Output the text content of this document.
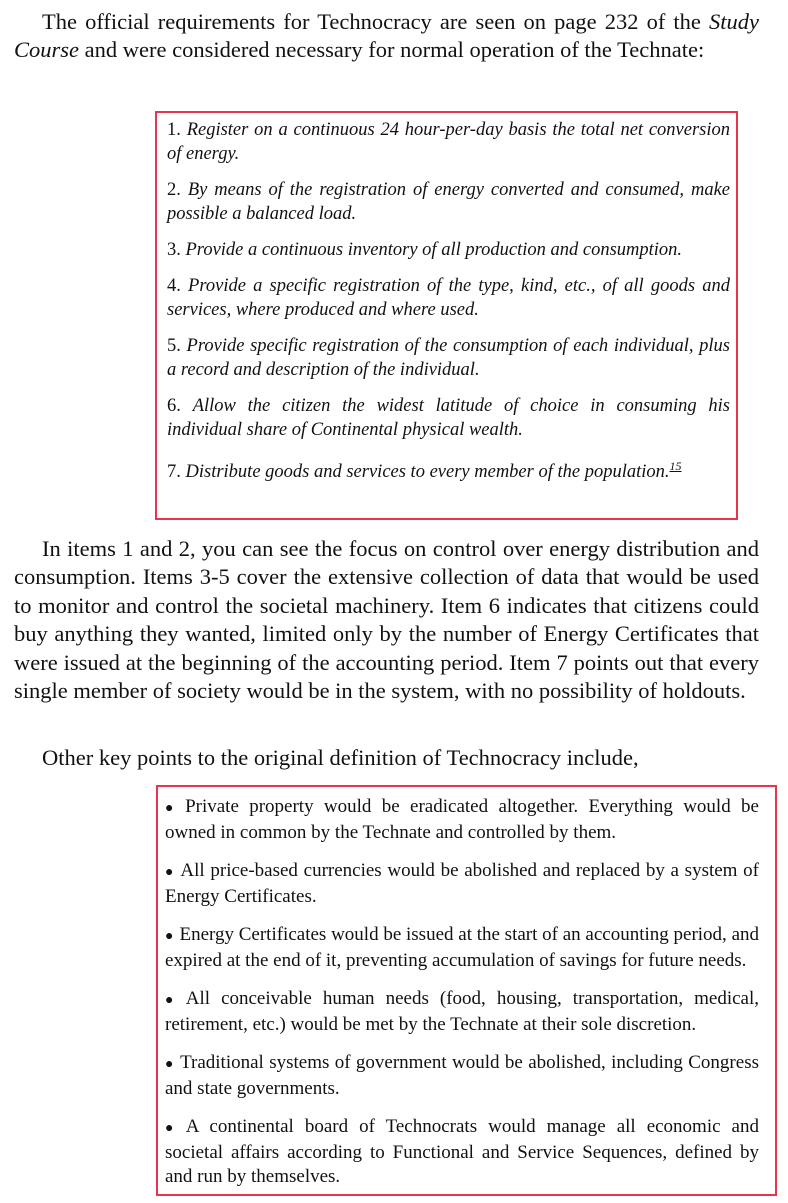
The official requirements for Technocracy are seen on page 232 of the Study Course and were considered necessary for normal operation of the Technate:

1. Register on a continuous 24 hour-per-day basis the total net conversion of energy.
2. By means of the registration of energy converted and consumed, make possible a balanced load.
3. Provide a continuous inventory of all production and consumption.
4. Provide a specific registration of the type, kind, etc., of all goods and services, where produced and where used.
5. Provide specific registration of the consumption of each individual, plus a record and description of the individual.
6. Allow the citizen the widest latitude of choice in consuming his individual share of Continental physical wealth.
7. Distribute goods and services to every member of the population.$^{15}$

In items 1 and 2, you can see the focus on control over energy distribution and consumption. Items 3-5 cover the extensive collection of data that would be used to monitor and control the societal machinery. Item 6 indicates that citizens could buy anything they wanted, limited only by the number of Energy Certificates that were issued at the beginning of the accounting period. Item 7 points out that every single member of society would be in the system, with no possibility of holdouts.

Other key points to the original definition of Technocracy include,

● Private property would be eradicated altogether. Everything would be owned in common by the Technate and controlled by them.
● All price-based currencies would be abolished and replaced by a system of Energy Certificates.
● Energy Certificates would be issued at the start of an accounting period, and expired at the end of it, preventing accumulation of savings for future needs.
● All conceivable human needs (food, housing, transportation, medical, retirement, etc.) would be met by the Technate at their sole discretion.
● Traditional systems of government would be abolished, including Congress and state governments.
● A continental board of Technocrats would manage all economic and societal affairs according to Functional and Service Sequences, defined by and run by themselves.
